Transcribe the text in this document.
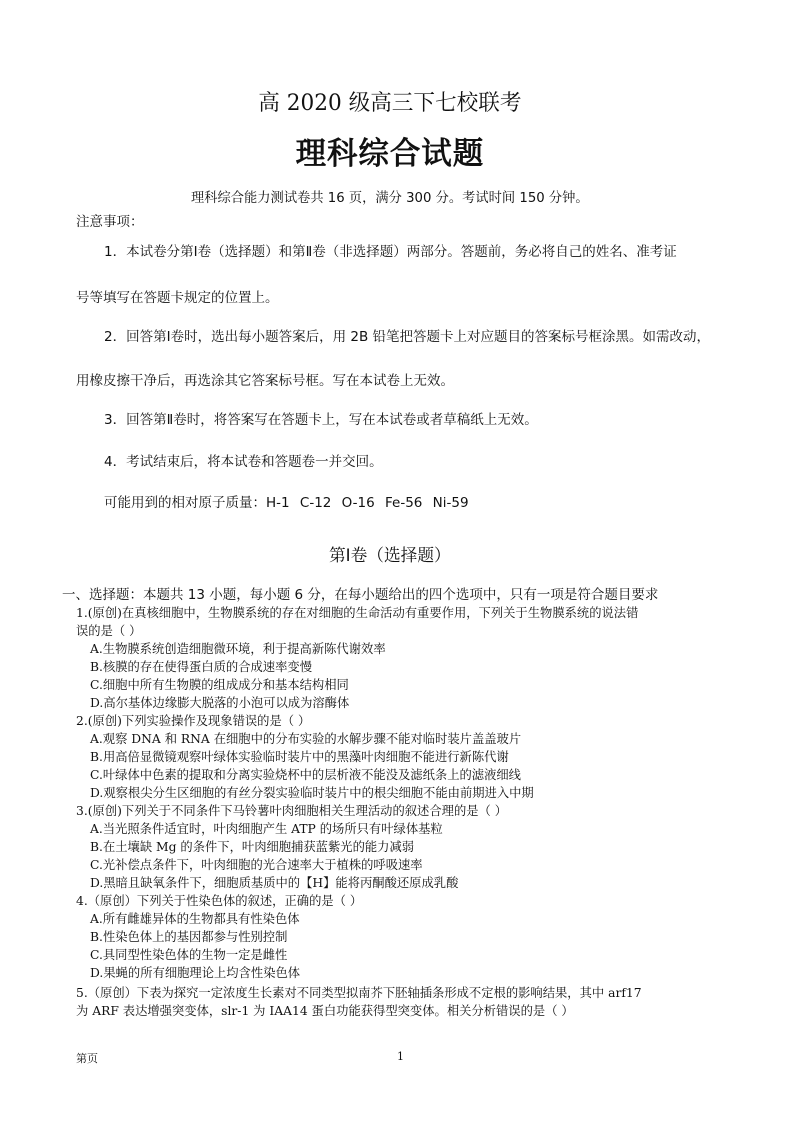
高 2020 级高三下七校联考
理科综合试题
理科综合能力测试卷共 16 页，满分 300 分。考试时间 150 分钟。
注意事项：
1．本试卷分第Ⅰ卷（选择题）和第Ⅱ卷（非选择题）两部分。答题前，务必将自己的姓名、准考证
号等填写在答题卡规定的位置上。
2．回答第Ⅰ卷时，选出每小题答案后，用 2B 铅笔把答题卡上对应题目的答案标号框涂黑。如需改动，
用橡皮擦干净后，再选涂其它答案标号框。写在本试卷上无效。
3．回答第Ⅱ卷时，将答案写在答题卡上，写在本试卷或者草稿纸上无效。
4．考试结束后，将本试卷和答题卷一并交回。
可能用到的相对原子质量：H-1 C-12 O-16 Fe-56 Ni-59
第Ⅰ卷（选择题）
一、选择题：本题共 13 小题，每小题 6 分，在每小题给出的四个选项中，只有一项是符合题目要求
1.(原创)在真核细胞中，生物膜系统的存在对细胞的生命活动有重要作用，下列关于生物膜系统的说法错
误的是（ ）
A.生物膜系统创造细胞微环境，利于提高新陈代谢效率
B.核膜的存在使得蛋白质的合成速率变慢
C.细胞中所有生物膜的组成成分和基本结构相同
D.高尔基体边缘膨大脱落的小泡可以成为溶酶体
2.(原创)下列实验操作及现象错误的是（ ）
A.观察 DNA 和 RNA 在细胞中的分布实验的水解步骤不能对临时装片盖盖玻片
B.用高倍显微镜观察叶绿体实验临时装片中的黑藻叶肉细胞不能进行新陈代谢
C.叶绿体中色素的提取和分离实验烧杯中的层析液不能没及滤纸条上的滤液细线
D.观察根尖分生区细胞的有丝分裂实验临时装片中的根尖细胞不能由前期进入中期
3.(原创)下列关于不同条件下马铃薯叶肉细胞相关生理活动的叙述合理的是（ ）
A.当光照条件适宜时，叶肉细胞产生 ATP 的场所只有叶绿体基粒
B.在土壤缺 Mg 的条件下，叶肉细胞捕获蓝紫光的能力减弱
C.光补偿点条件下，叶肉细胞的光合速率大于植株的呼吸速率
D.黑暗且缺氧条件下，细胞质基质中的【H】能将丙酮酸还原成乳酸
4.（原创）下列关于性染色体的叙述，正确的是（ ）
A.所有雌雄异体的生物都具有性染色体
B.性染色体上的基因都参与性别控制
C.具同型性染色体的生物一定是雌性
D.果蝇的所有细胞理论上均含性染色体
5.（原创）下表为探究一定浓度生长素对不同类型拟南芥下胚轴插条形成不定根的影响结果，其中 arf17
为 ARF 表达增强突变体，slr-1 为 IAA14 蛋白功能获得型突变体。相关分析错误的是（ ）
第页	1
